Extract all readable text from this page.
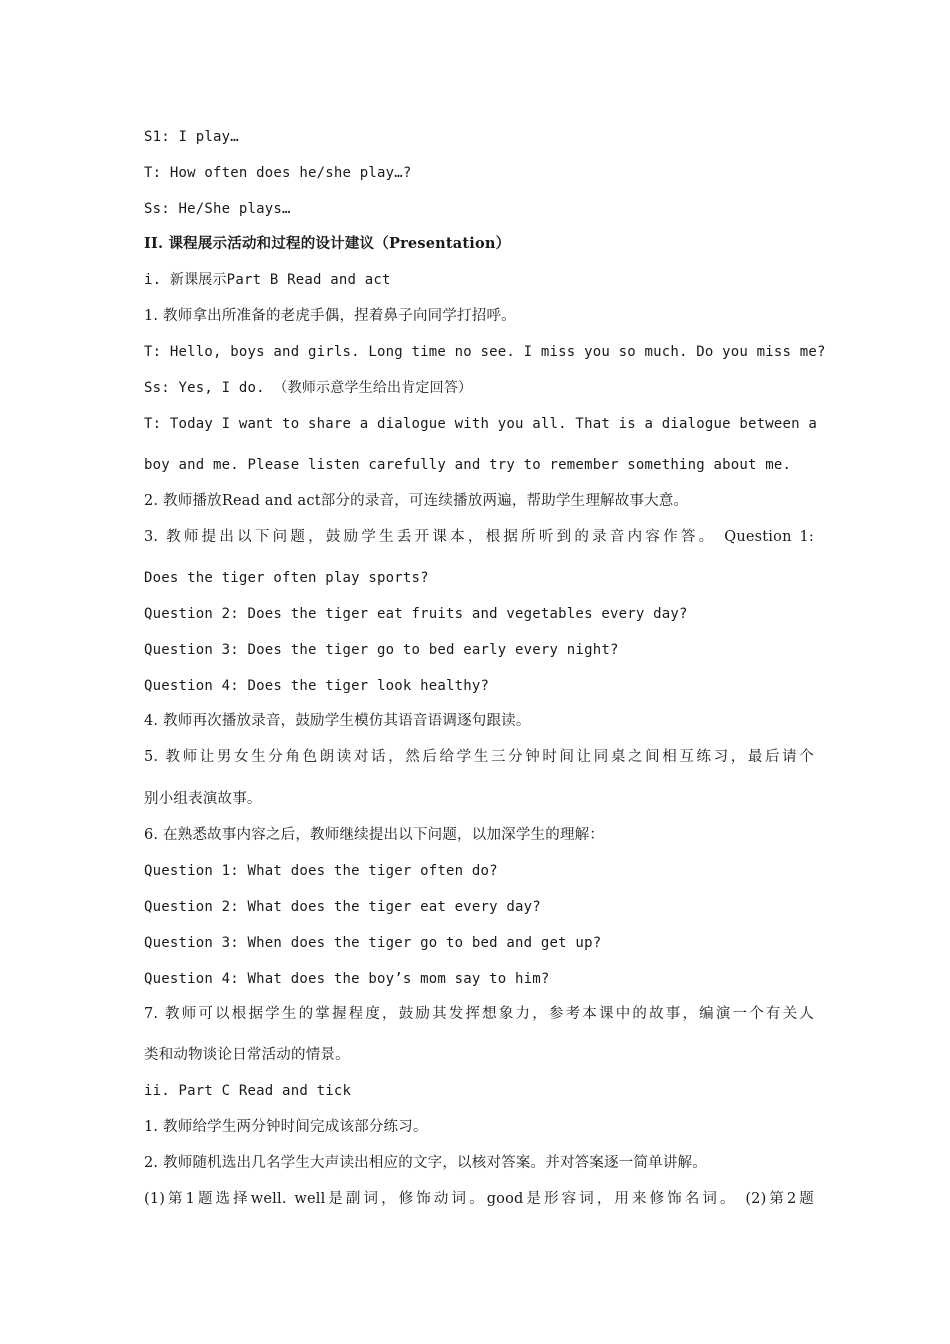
S1: I play…
T: How often does he/she play…?
Ss: He/She plays…
II. 课程展示活动和过程的设计建议（Presentation）
i. 新课展示Part B Read and act
1. 教师拿出所准备的老虎手偶，捏着鼻子向同学打招呼。
T: Hello, boys and girls. Long time no see. I miss you so much. Do you miss me?
Ss: Yes, I do. （教师示意学生给出肯定回答）
T: Today I want to share a dialogue with you all. That is a dialogue between a
boy and me. Please listen carefully and try to remember something about me.
2. 教师播放Read and act部分的录音，可连续播放两遍，帮助学生理解故事大意。
3. 教师提出以下问题，鼓励学生丢开课本，根据所听到的录音内容作答。 Question 1:
Does the tiger often play sports?
Question 2: Does the tiger eat fruits and vegetables every day?
Question 3: Does the tiger go to bed early every night?
Question 4: Does the tiger look healthy?
4. 教师再次播放录音，鼓励学生模仿其语音语调逐句跟读。
5. 教师让男女生分角色朗读对话，然后给学生三分钟时间让同桌之间相互练习，最后请个
别小组表演故事。
6. 在熟悉故事内容之后，教师继续提出以下问题，以加深学生的理解：
Question 1: What does the tiger often do?
Question 2: What does the tiger eat every day?
Question 3: When does the tiger go to bed and get up?
Question 4: What does the boy’s mom say to him?
7. 教师可以根据学生的掌握程度，鼓励其发挥想象力，参考本课中的故事，编演一个有关人
类和动物谈论日常活动的情景。
ii. Part C Read and tick
1. 教师给学生两分钟时间完成该部分练习。
2. 教师随机选出几名学生大声读出相应的文字，以核对答案。并对答案逐一简单讲解。
(1)第1题选择well. well是副词，修饰动词。good是形容词，用来修饰名词。 (2)第2题
